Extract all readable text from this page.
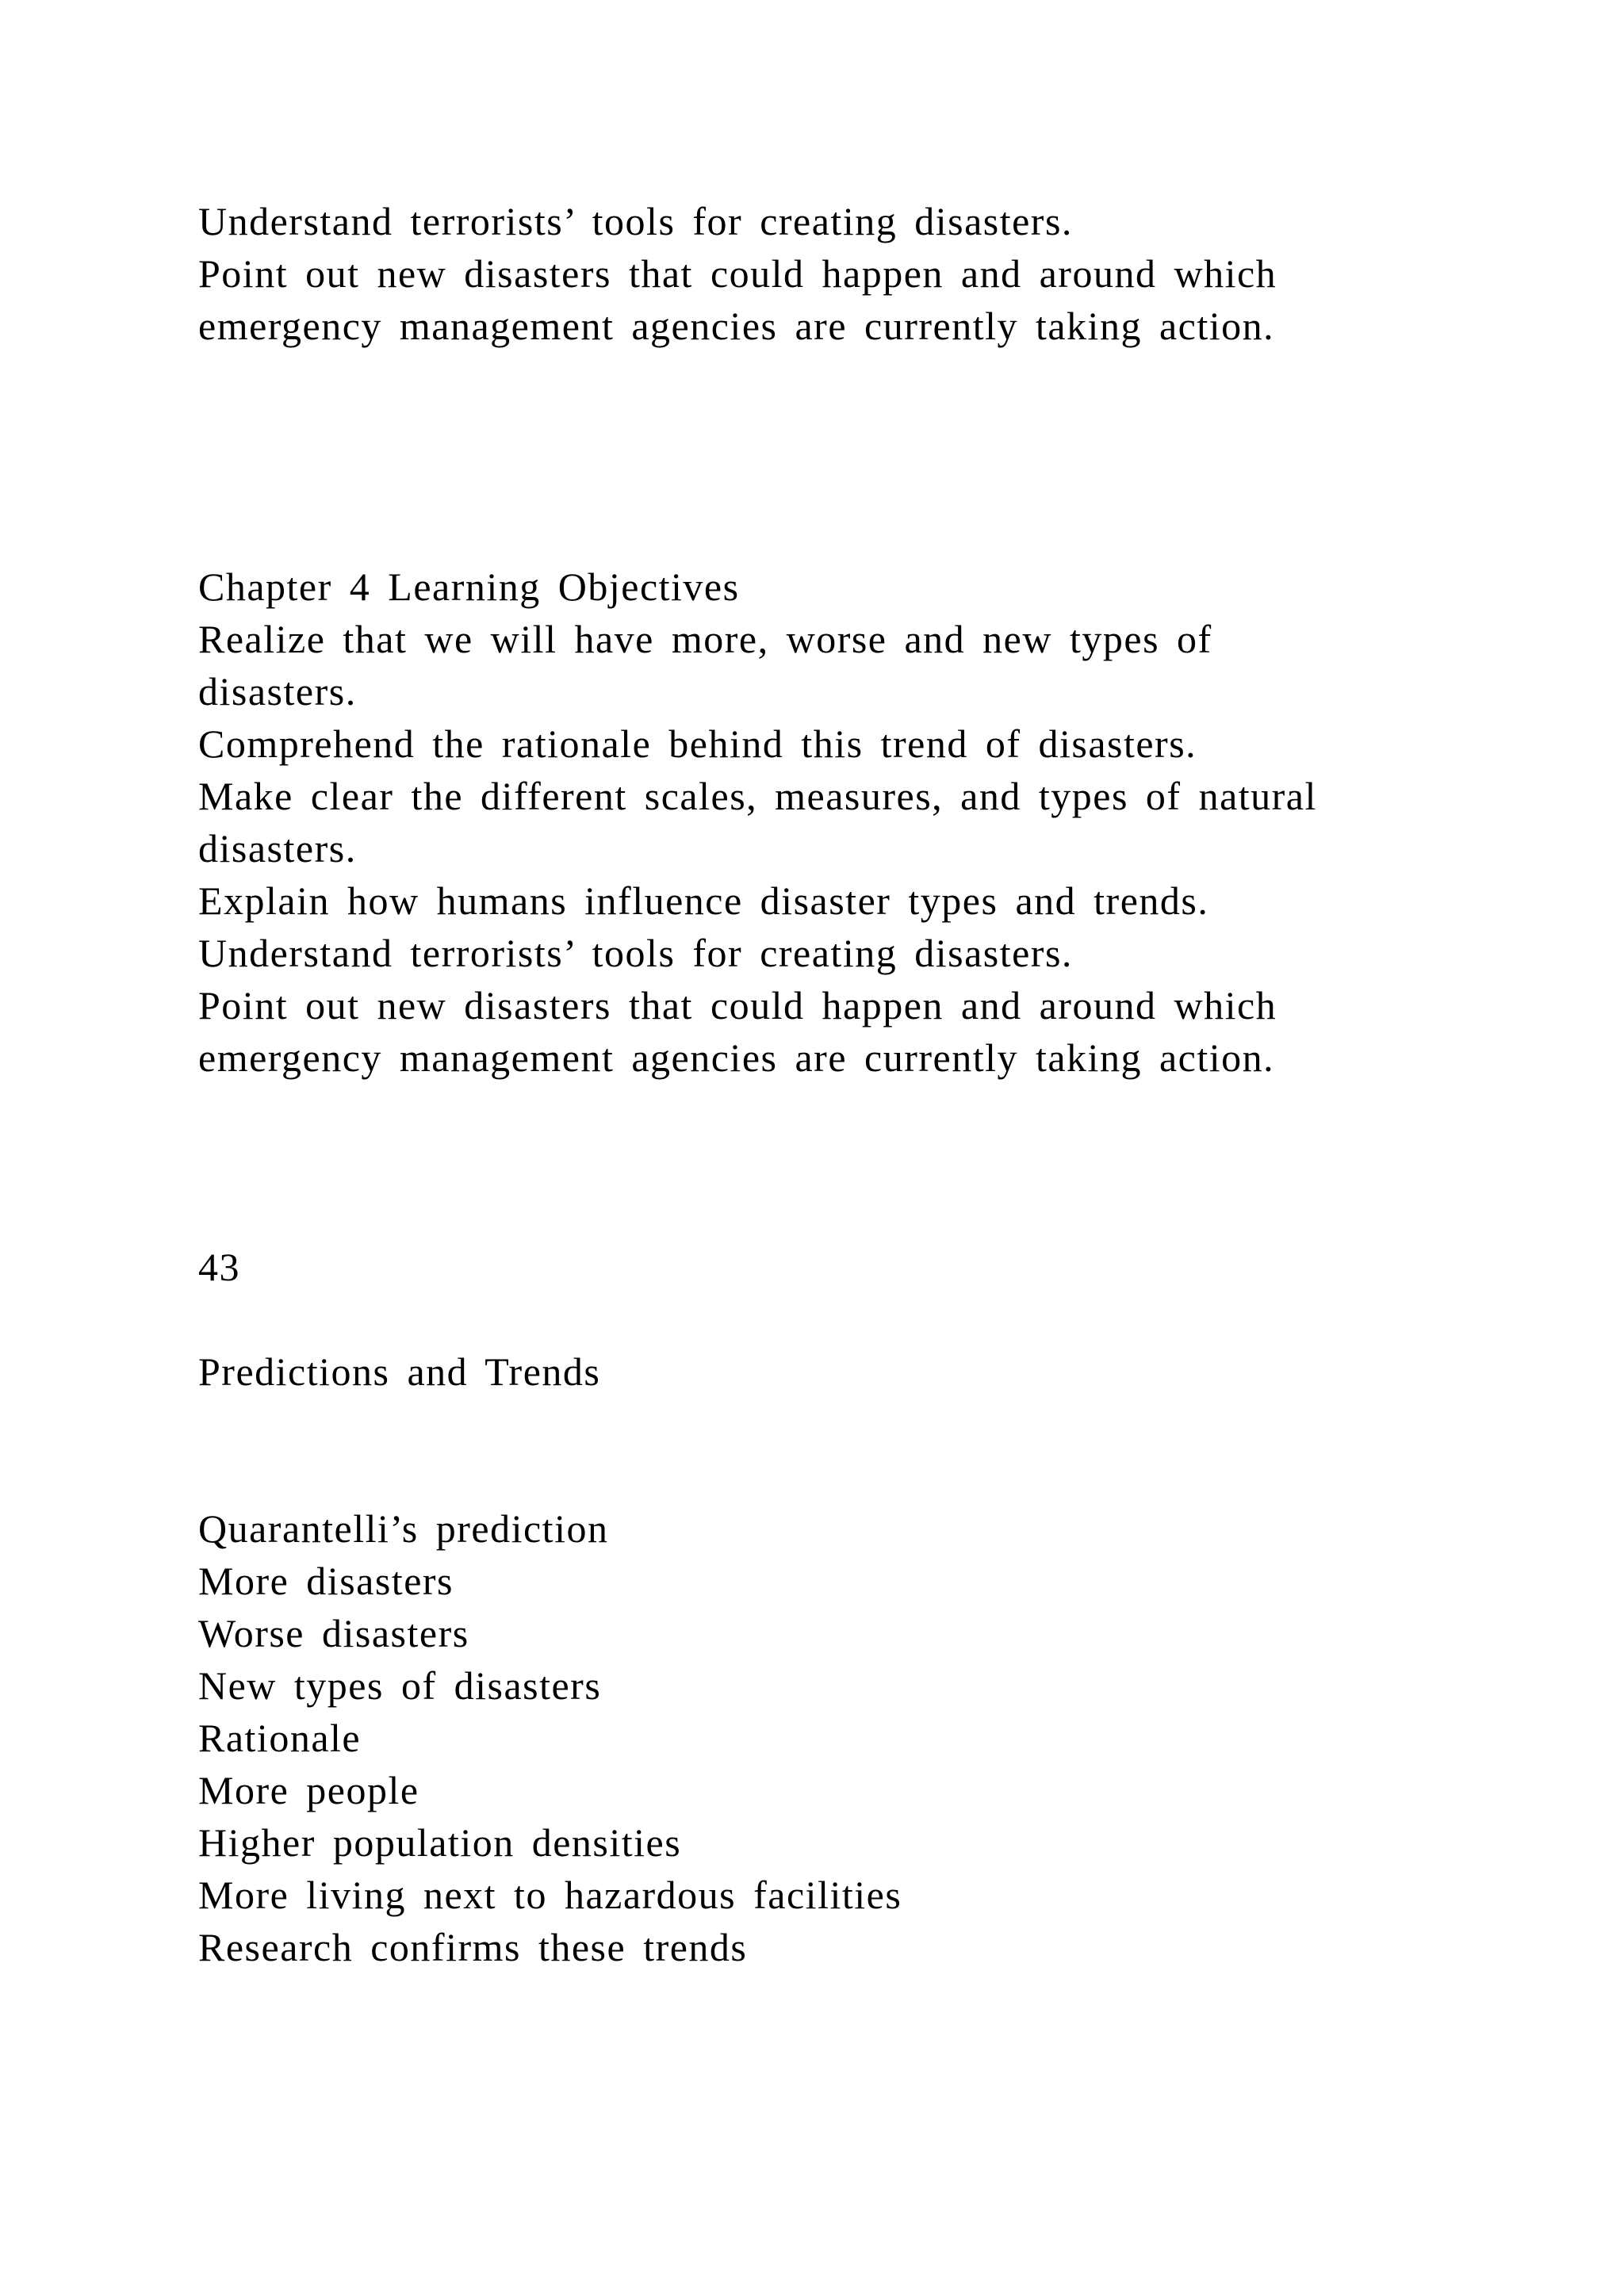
Understand terrorists’ tools for creating disasters.

Point out new disasters that could happen and around which

emergency management agencies are currently taking action.

Chapter 4 Learning Objectives

Realize that we will have more, worse and new types of

disasters.

Comprehend the rationale behind this trend of disasters.

Make clear the different scales, measures, and types of natural

disasters.

Explain how humans influence disaster types and trends.

Understand terrorists’ tools for creating disasters.

Point out new disasters that could happen and around which

emergency management agencies are currently taking action.

43

Predictions and Trends

Quarantelli’s prediction

More disasters

Worse disasters

New types of disasters

Rationale

More people

Higher population densities

More living next to hazardous facilities

Research confirms these trends
